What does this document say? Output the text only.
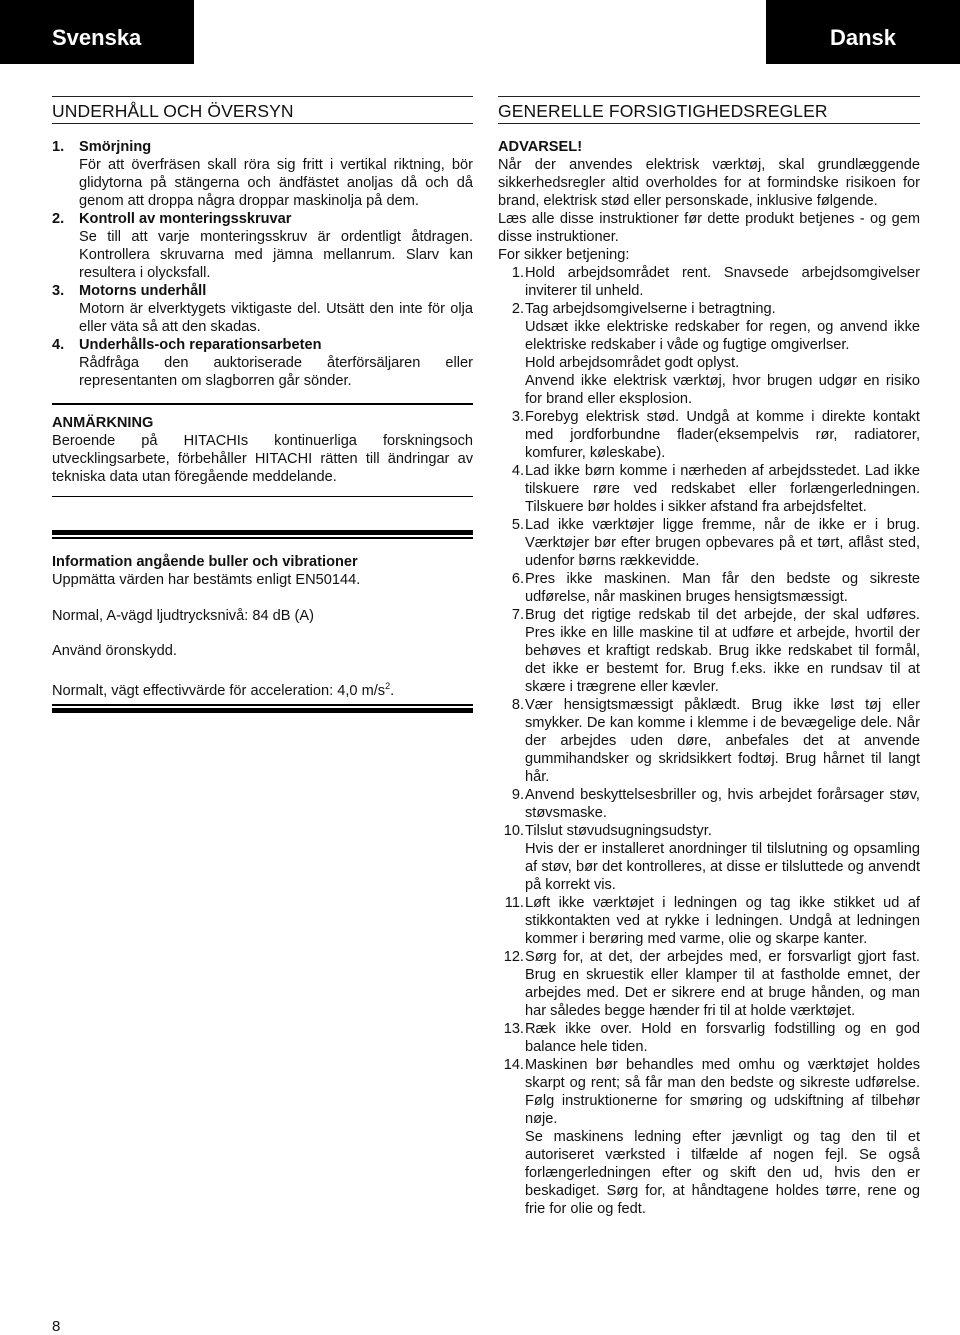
Svenska	Dansk
UNDERHÅLL OCH ÖVERSYN
1.	Smörjning
För att överfräsen skall röra sig fritt i vertikal riktning, bör glidytorna på stängerna och ändfästet anoljas då och då genom att droppa några droppar maskinolja på dem.
2.	Kontroll av monteringsskruvar
Se till att varje monteringsskruv är ordentligt åtdragen. Kontrollera skruvarna med jämna mellanrum. Slarv kan resultera i olycksfall.
3.	Motorns underhåll
Motorn är elverktygets viktigaste del. Utsätt den inte för olja eller väta så att den skadas.
4.	Underhålls-och reparationsarbeten
Rådfråga den auktoriserade återförsäljaren eller representanten om slagborren går sönder.

ANMÄRKNING

Beroende på HITACHIs kontinuerliga forskningsoch utvecklingsarbete, förbehåller HITACHI rätten till ändringar av tekniska data utan föregående meddelande.

Information angående buller och vibrationer

Uppmätta värden har bestämts enligt EN50144.

Normal, A-vägd ljudtrycksnivå: 84 dB (A)

Använd öronskydd.

Normalt, vägt effectivvärde för acceleration: 4,0 $m/s^2$.

GENERELLE FORSIGTIGHEDSREGLER

ADVARSEL!

Når der anvendes elektrisk værktøj, skal grundlæggende sikkerhedsregler altid overholdes for at formindske risikoen for brand, elektrisk stød eller personskade, inklusive følgende.

Læs alle disse instruktioner før dette produkt betjenes - og gem disse instruktioner.

For sikker betjening:

1. Hold arbejdsområdet rent. Snavsede arbejdsomgivelser inviterer til unheld.
2. Tag arbejdsomgivelserne i betragtning.
Udsæt ikke elektriske redskaber for regen, og anvend ikke elektriske redskaber i våde og fugtige omgiverlser.
Hold arbejdsområdet godt oplyst.
Anvend ikke elektrisk værktøj, hvor brugen udgør en risiko for brand eller eksplosion.
3. Forebyg elektrisk stød. Undgå at komme i direkte kontakt med jordforbundne flader(eksempelvis rør, radiatorer, komfurer, køleskabe).
4. Lad ikke børn komme i nærheden af arbejdsstedet. Lad ikke tilskuere røre ved redskabet eller forlængerledningen. Tilskuere bør holdes i sikker afstand fra arbejdsfeltet.
5. Lad ikke værktøjer ligge fremme, når de ikke er i brug. Værktøjer bør efter brugen opbevares på et tørt, aflåst sted, udenfor børns rækkevidde.
6. Pres ikke maskinen. Man får den bedste og sikreste udførelse, når maskinen bruges hensigtsmæssigt.
7. Brug det rigtige redskab til det arbejde, der skal udføres. Pres ikke en lille maskine til at udføre et arbejde, hvortil der behøves et kraftigt redskab. Brug ikke redskabet til formål, det ikke er bestemt for. Brug f.eks. ikke en rundsav til at skære i trægrene eller kævler.
8. Vær hensigtsmæssigt påklædt. Brug ikke løst tøj eller smykker. De kan komme i klemme i de bevægelige dele. Når der arbejdes uden døre, anbefales det at anvende gummihandsker og skridsikkert fodtøj. Brug hårnet til langt hår.
9. Anvend beskyttelsesbriller og, hvis arbejdet forårsager støv, støvsmaske.
10. Tilslut støvudsugningsudstyr.
Hvis der er installeret anordninger til tilslutning og opsamling af støv, bør det kontrolleres, at disse er tilsluttede og anvendt på korrekt vis.
11. Løft ikke værktøjet i ledningen og tag ikke stikket ud af stikkontakten ved at rykke i ledningen. Undgå at ledningen kommer i berøring med varme, olie og skarpe kanter.
12. Sørg for, at det, der arbejdes med, er forsvarligt gjort fast. Brug en skruestik eller klamper til at fastholde emnet, der arbejdes med. Det er sikrere end at bruge hånden, og man har således begge hænder fri til at holde værktøjet.
13. Ræk ikke over. Hold en forsvarlig fodstilling og en god balance hele tiden.
14. Maskinen bør behandles med omhu og værktøjet holdes skarpt og rent; så får man den bedste og sikreste udførelse. Følg instruktionerne for smøring og udskiftning af tilbehør nøje.
Se maskinens ledning efter jævnligt og tag den til et autoriseret værksted i tilfælde af nogen fejl. Se også forlængerledningen efter og skift den ud, hvis den er beskadiget. Sørg for, at håndtagene holdes tørre, rene og frie for olie og fedt.
8
